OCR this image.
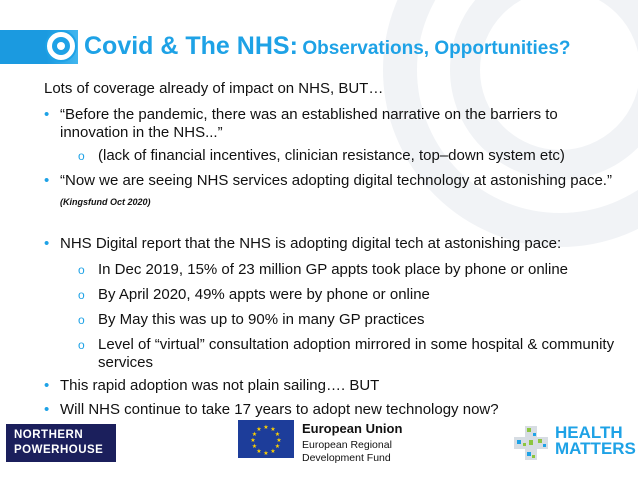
Covid & The NHS: Observations, Opportunities?
Lots of coverage already of impact on NHS, BUT…
• “Before the pandemic, there was an established narrative on the barriers to innovation in the NHS...”
o (lack of financial incentives, clinician resistance, top–down system etc)
• “Now we are seeing NHS services adopting digital technology at astonishing pace.”
(Kingsfund Oct 2020)
• NHS Digital report that the NHS is adopting digital tech at astonishing pace:
o In Dec 2019, 15% of 23 million GP appts took place by phone or online
o By April 2020, 49% appts were by phone or online
o By May this was up to 90% in many GP practices
o Level of “virtual” consultation adoption mirrored in some hospital & community services
• This rapid adoption was not plain sailing…. BUT
• Will NHS continue to take 17 years to adopt new technology now?
NORTHERN
POWERHOUSE
★ ★
★
★
★
★
★
★
★
★
★
★	European Union
European Regional
Development Fund
HEALTH
MATTERS
